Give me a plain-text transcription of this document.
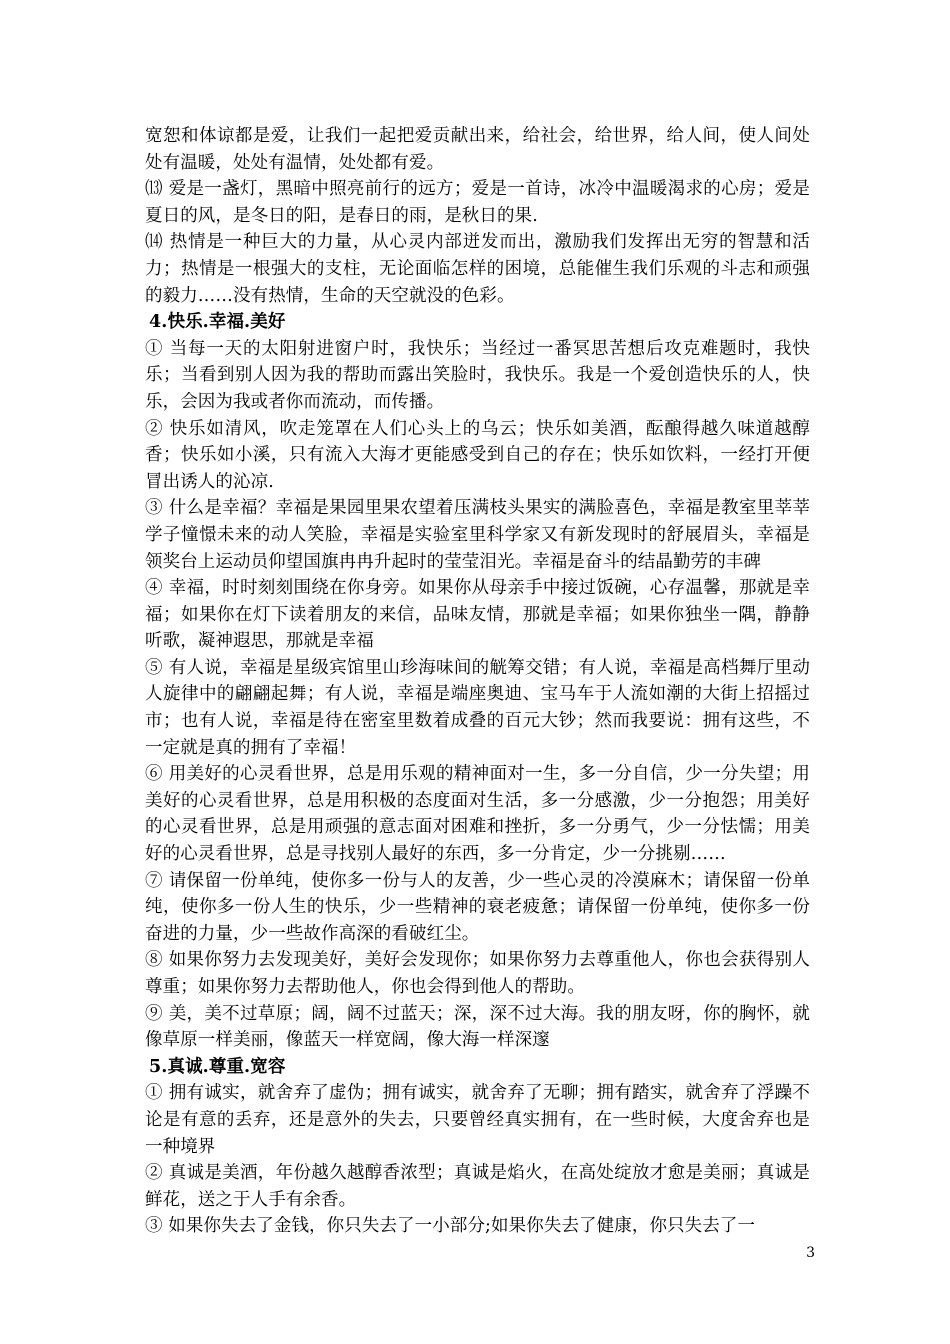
宽恕和体谅都是爱，让我们一起把爱贡献出来，给社会，给世界，给人间，使人间处处有温暖，处处有温情，处处都有爱。

⒀ 爱是一盏灯，黑暗中照亮前行的远方；爱是一首诗，冰冷中温暖渴求的心房；爱是夏日的风，是冬日的阳，是春日的雨，是秋日的果.

⒁ 热情是一种巨大的力量，从心灵内部迸发而出，激励我们发挥出无穷的智慧和活力；热情是一根强大的支柱，无论面临怎样的困境，总能催生我们乐观的斗志和顽强的毅力……没有热情，生命的天空就没的色彩。

4.快乐.幸福.美好

① 当每一天的太阳射进窗户时，我快乐；当经过一番冥思苦想后攻克难题时，我快乐；当看到别人因为我的帮助而露出笑脸时，我快乐。我是一个爱创造快乐的人，快乐，会因为我或者你而流动，而传播。

② 快乐如清风，吹走笼罩在人们心头上的乌云；快乐如美酒，酝酿得越久味道越醇香；快乐如小溪，只有流入大海才更能感受到自己的存在；快乐如饮料，一经打开便冒出诱人的沁凉.

③ 什么是幸福？幸福是果园里果农望着压满枝头果实的满脸喜色，幸福是教室里莘莘学子憧憬未来的动人笑脸，幸福是实验室里科学家又有新发现时的舒展眉头，幸福是领奖台上运动员仰望国旗冉冉升起时的莹莹泪光。幸福是奋斗的结晶勤劳的丰碑

④ 幸福，时时刻刻围绕在你身旁。如果你从母亲手中接过饭碗，心存温馨，那就是幸福；如果你在灯下读着朋友的来信，品味友情，那就是幸福；如果你独坐一隅，静静听歌，凝神遐思，那就是幸福

⑤ 有人说，幸福是星级宾馆里山珍海味间的觥筹交错；有人说，幸福是高档舞厅里动人旋律中的翩翩起舞；有人说，幸福是端座奥迪、宝马车于人流如潮的大街上招摇过市；也有人说，幸福是待在密室里数着成叠的百元大钞；然而我要说：拥有这些，不一定就是真的拥有了幸福！

⑥ 用美好的心灵看世界，总是用乐观的精神面对一生，多一分自信，少一分失望；用美好的心灵看世界，总是用积极的态度面对生活，多一分感激，少一分抱怨；用美好的心灵看世界，总是用顽强的意志面对困难和挫折，多一分勇气，少一分怯懦；用美好的心灵看世界，总是寻找别人最好的东西，多一分肯定，少一分挑剔……

⑦ 请保留一份单纯，使你多一份与人的友善，少一些心灵的冷漠麻木；请保留一份单纯，使你多一份人生的快乐，少一些精神的衰老疲惫；请保留一份单纯，使你多一份奋进的力量，少一些故作高深的看破红尘。

⑧ 如果你努力去发现美好，美好会发现你；如果你努力去尊重他人，你也会获得别人尊重；如果你努力去帮助他人，你也会得到他人的帮助。

⑨ 美，美不过草原；阔，阔不过蓝天；深，深不过大海。我的朋友呀，你的胸怀，就像草原一样美丽，像蓝天一样宽阔，像大海一样深邃

5.真诚.尊重.宽容

① 拥有诚实，就舍弃了虚伪；拥有诚实，就舍弃了无聊；拥有踏实，就舍弃了浮躁不论是有意的丢弃，还是意外的失去，只要曾经真实拥有，在一些时候，大度舍弃也是一种境界

② 真诚是美酒，年份越久越醇香浓型；真诚是焰火，在高处绽放才愈是美丽；真诚是鲜花，送之于人手有余香。

③ 如果你失去了金钱，你只失去了一小部分;如果你失去了健康，你只失去了一

3
